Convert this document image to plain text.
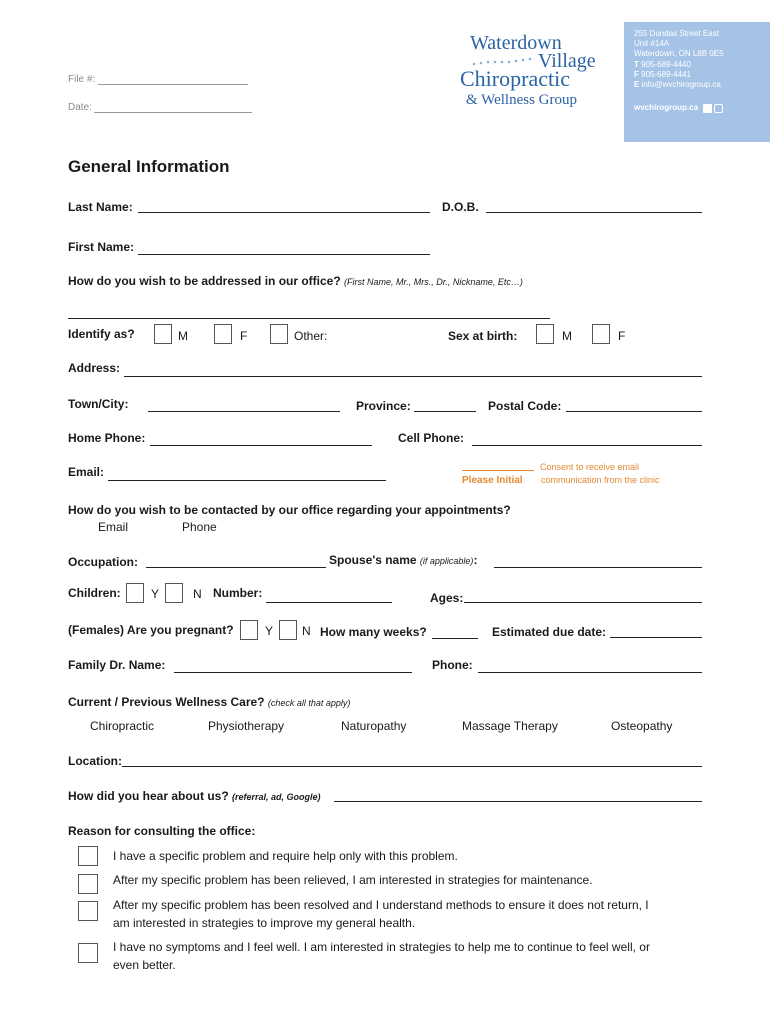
File #:
Date:
Waterdown
Village
Chiropractic
& Wellness Group
255 Dundas Street East
Unit #14A
Waterdown, ON L8B 0E5
T 905-689-4440
F 905-689-4441
E info@wvchirogroup.ca
wvchirogroup.ca
General Information
Last Name:	D.O.B.
First Name:
How do you wish to be addressed in our office? (First Name, Mr., Mrs., Dr., Nickname, Etc…)
Identify as?	M	F	Other:	Sex at birth:	M	F
Address:
Town/City:	Province:	Postal Code:
Home Phone:	Cell Phone:
Email:
Please Initial
Consent to receive email
communication from the clinic
How do you wish to be contacted by our office regarding your appointments?
Email	Phone
Occupation:	Spouse's name (if applicable):
Children:	Y	N Number:	Ages:
(Females) Are you pregnant?	Y N How many weeks?	Estimated due date:
Family Dr. Name:	Phone:
Current / Previous Wellness Care? (check all that apply)
Chiropractic	Physiotherapy	Naturopathy	Massage Therapy	Osteopathy
Location:
How did you hear about us? (referral, ad, Google)
Reason for consulting the office:
I have a specific problem and require help only with this problem.
After my specific problem has been relieved, I am interested in strategies for maintenance.
After my specific problem has been resolved and I understand methods to ensure it does not return, I
am interested in strategies to improve my general health.
I have no symptoms and I feel well. I am interested in strategies to help me to continue to feel well, or
even better.
